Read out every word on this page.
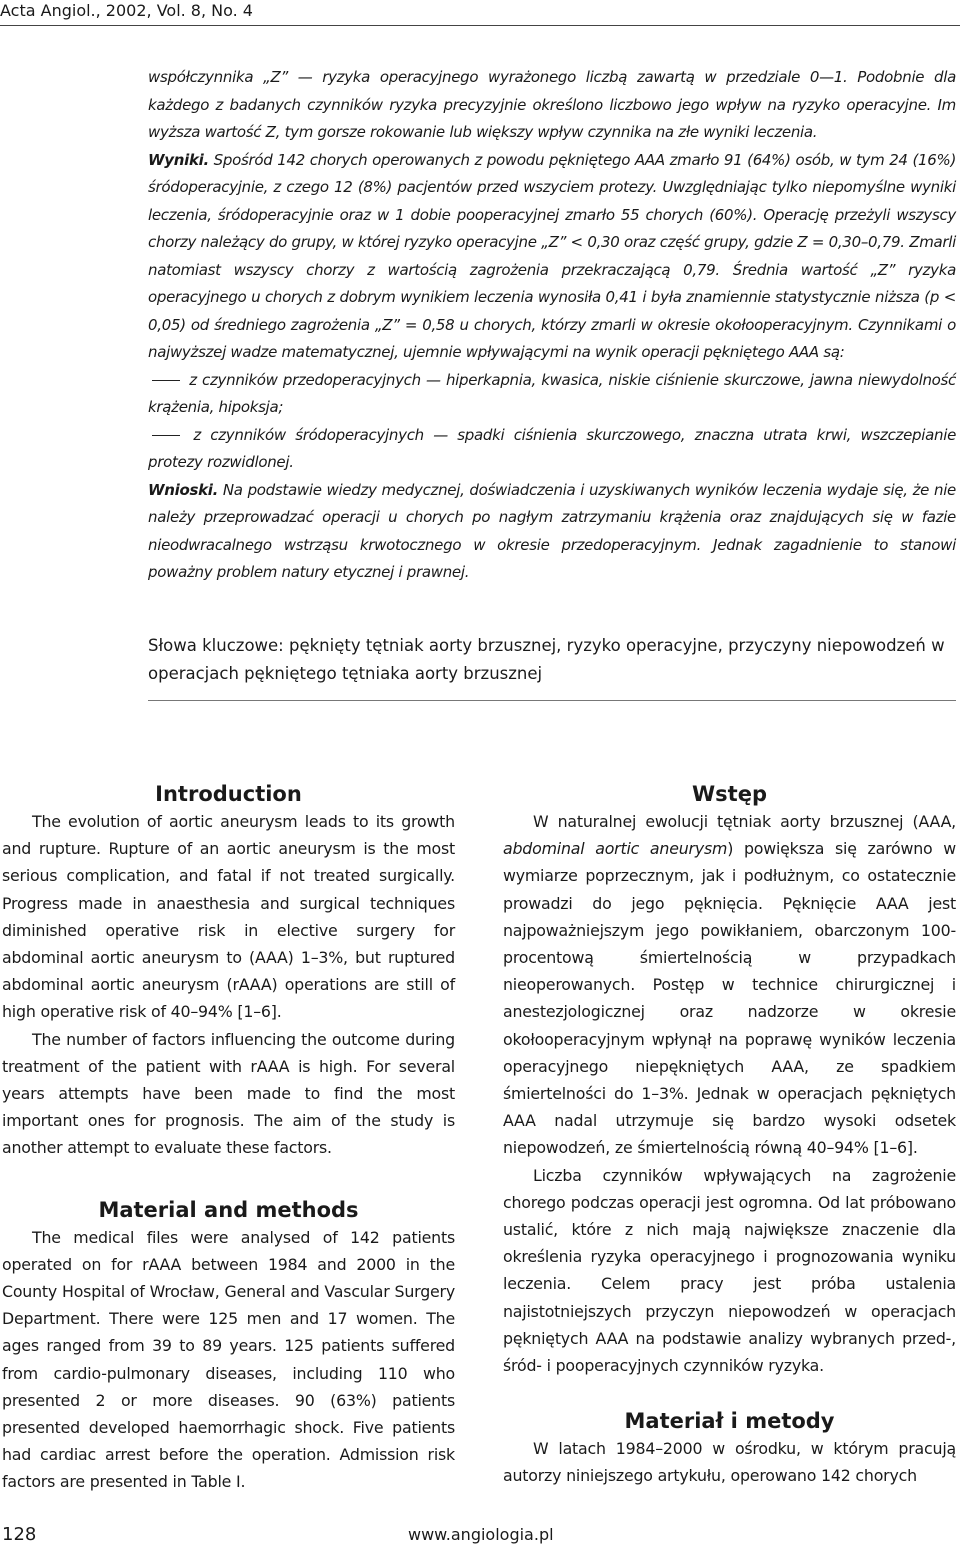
Acta Angiol., 2002, Vol. 8, No. 4

współczynnika „Z” — ryzyka operacyjnego wyrażonego liczbą zawartą w przedziale 0—1. Podobnie dla każdego z badanych czynników ryzyka precyzyjnie określono liczbowo jego wpływ na ryzyko operacyjne. Im wyższa wartość Z, tym gorsze rokowanie lub większy wpływ czynnika na złe wyniki leczenia.

Wyniki. Spośród 142 chorych operowanych z powodu pękniętego AAA zmarło 91 (64%) osób, w tym 24 (16%) śródoperacyjnie, z czego 12 (8%) pacjentów przed wszyciem protezy. Uwzględniając tylko niepomyślne wyniki leczenia, śródoperacyjnie oraz w 1 dobie pooperacyjnej zmarło 55 chorych (60%). Operację przeżyli wszyscy chorzy należący do grupy, w której ryzyko operacyjne „Z” < 0,30 oraz część grupy, gdzie Z = 0,30–0,79. Zmarli natomiast wszyscy chorzy z wartością zagrożenia przekraczającą 0,79. Średnia wartość „Z” ryzyka operacyjnego u chorych z dobrym wynikiem leczenia wynosiła 0,41 i była znamiennie statystycznie niższa (p < 0,05) od średniego zagrożenia „Z” = 0,58 u chorych, którzy zmarli w okresie okołooperacyjnym. Czynnikami o najwyższej wadze matematycznej, ujemnie wpływającymi na wynik operacji pękniętego AAA są:

z czynników przedoperacyjnych — hiperkapnia, kwasica, niskie ciśnienie skurczowe, jawna niewydolność krążenia, hipoksja;

z czynników śródoperacyjnych — spadki ciśnienia skurczowego, znaczna utrata krwi, wszczepianie protezy rozwidlonej.

Wnioski. Na podstawie wiedzy medycznej, doświadczenia i uzyskiwanych wyników leczenia wydaje się, że nie należy przeprowadzać operacji u chorych po nagłym zatrzymaniu krążenia oraz znajdujących się w fazie nieodwracalnego wstrząsu krwotocznego w okresie przedoperacyjnym. Jednak zagadnienie to stanowi poważny problem natury etycznej i prawnej.

Słowa kluczowe: pęknięty tętniak aorty brzusznej, ryzyko operacyjne, przyczyny niepowodzeń w operacjach pękniętego tętniaka aorty brzusznej
Introduction

The evolution of aortic aneurysm leads to its growth and rupture. Rupture of an aortic aneurysm is the most serious complication, and fatal if not treated surgically. Progress made in anaesthesia and surgical techniques diminished operative risk in elective surgery for abdominal aortic aneurysm to (AAA) 1–3%, but ruptured abdominal aortic aneurysm (rAAA) operations are still of high operative risk of 40–94% [1–6].

The number of factors influencing the outcome during treatment of the patient with rAAA is high. For several years attempts have been made to find the most important ones for prognosis. The aim of the study is another attempt to evaluate these factors.

Material and methods

The medical files were analysed of 142 patients operated on for rAAA between 1984 and 2000 in the County Hospital of Wrocław, General and Vascular Surgery Department. There were 125 men and 17 women. The ages ranged from 39 to 89 years. 125 patients suffered from cardio-pulmonary diseases, including 110 who presented 2 or more diseases. 90 (63%) patients presented developed haemorrhagic shock. Five patients had cardiac arrest before the operation. Admission risk factors are presented in Table I.

Wstęp

W naturalnej ewolucji tętniak aorty brzusznej (AAA, abdominal aortic aneurysm) powiększa się zarówno w wymiarze poprzecznym, jak i podłużnym, co ostatecznie prowadzi do jego pęknięcia. Pęknięcie AAA jest najpoważniejszym jego powikłaniem, obarczonym 100-procentową śmiertelnością w przypadkach nieoperowanych. Postęp w technice chirurgicznej i anestezjologicznej oraz nadzorze w okresie okołooperacyjnym wpłynął na poprawę wyników leczenia operacyjnego niepękniętych AAA, ze spadkiem śmiertelności do 1–3%. Jednak w operacjach pękniętych AAA nadal utrzymuje się bardzo wysoki odsetek niepowodzeń, ze śmiertelnością równą 40–94% [1–6].

Liczba czynników wpływających na zagrożenie chorego podczas operacji jest ogromna. Od lat próbowano ustalić, które z nich mają największe znaczenie dla określenia ryzyka operacyjnego i prognozowania wyniku leczenia. Celem pracy jest próba ustalenia najistotniejszych przyczyn niepowodzeń w operacjach pękniętych AAA na podstawie analizy wybranych przed-, śród- i pooperacyjnych czynników ryzyka.

Materiał i metody

W latach 1984–2000 w ośrodku, w którym pracują autorzy niniejszego artykułu, operowano 142 chorych

128	www.angiologia.pl
